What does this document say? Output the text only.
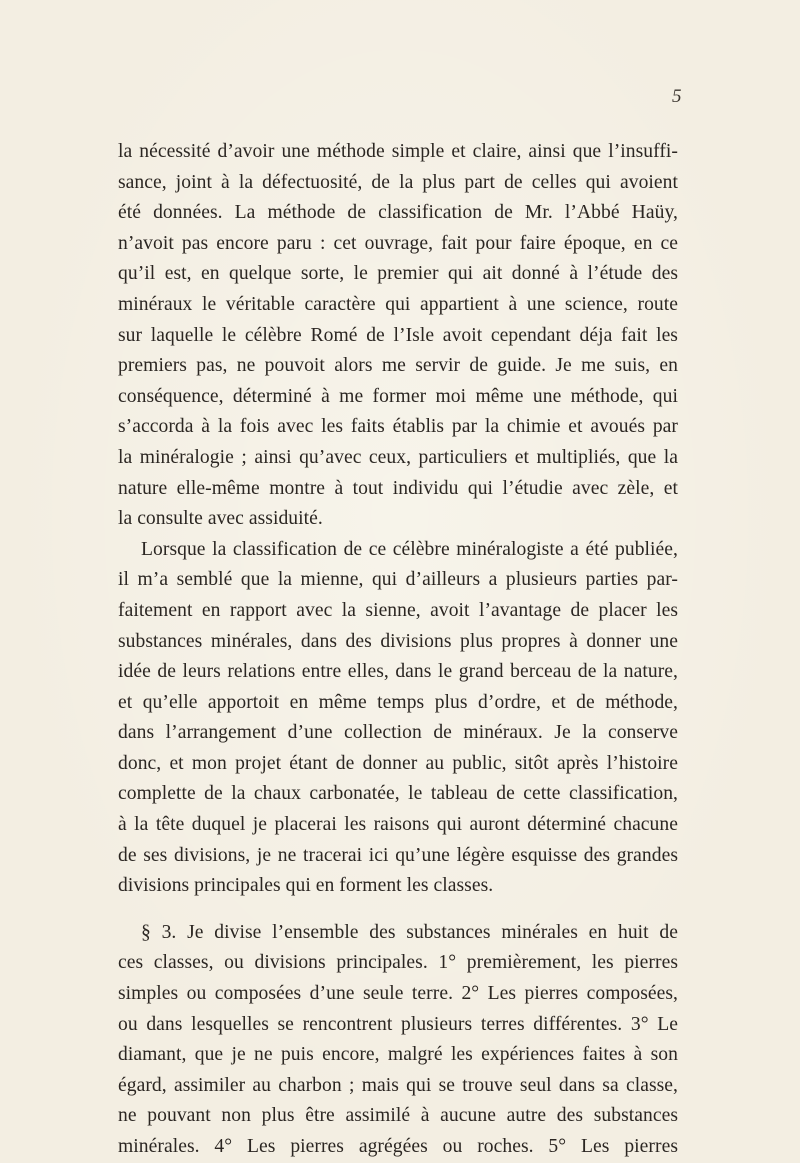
5

la nécessité d’avoir une méthode simple et claire, ainsi que l’insuffi-
sance, joint à la défectuosité, de la plus part de celles qui avoient
été données. La méthode de classification de Mr. l’Abbé Haüy,
n’avoit pas encore paru : cet ouvrage, fait pour faire époque, en ce
qu’il est, en quelque sorte, le premier qui ait donné à l’étude des
minéraux le véritable caractère qui appartient à une science, route
sur laquelle le célèbre Romé de l’Isle avoit cependant déja fait les
premiers pas, ne pouvoit alors me servir de guide. Je me suis, en
conséquence, déterminé à me former moi même une méthode, qui
s’accorda à la fois avec les faits établis par la chimie et avoués par
la minéralogie ; ainsi qu’avec ceux, particuliers et multipliés, que la
nature elle-même montre à tout individu qui l’étudie avec zèle, et
la consulte avec assiduité.

Lorsque la classification de ce célèbre minéralogiste a été publiée,
il m’a semblé que la mienne, qui d’ailleurs a plusieurs parties par-
faitement en rapport avec la sienne, avoit l’avantage de placer les
substances minérales, dans des divisions plus propres à donner une
idée de leurs relations entre elles, dans le grand berceau de la nature,
et qu’elle apportoit en même temps plus d’ordre, et de méthode,
dans l’arrangement d’une collection de minéraux. Je la conserve
donc, et mon projet étant de donner au public, sitôt après l’histoire
complette de la chaux carbonatée, le tableau de cette classification,
à la tête duquel je placerai les raisons qui auront déterminé chacune
de ses divisions, je ne tracerai ici qu’une légère esquisse des grandes
divisions principales qui en forment les classes.

§ 3. Je divise l’ensemble des substances minérales en huit de
ces classes, ou divisions principales. 1° premièrement, les pierres
simples ou composées d’une seule terre. 2° Les pierres composées,
ou dans lesquelles se rencontrent plusieurs terres différentes. 3° Le
diamant, que je ne puis encore, malgré les expériences faites à son
égard, assimiler au charbon ; mais qui se trouve seul dans sa classe,
ne pouvant non plus être assimilé à aucune autre des substances
minérales. 4° Les pierres agrégées ou roches. 5° Les pierres
